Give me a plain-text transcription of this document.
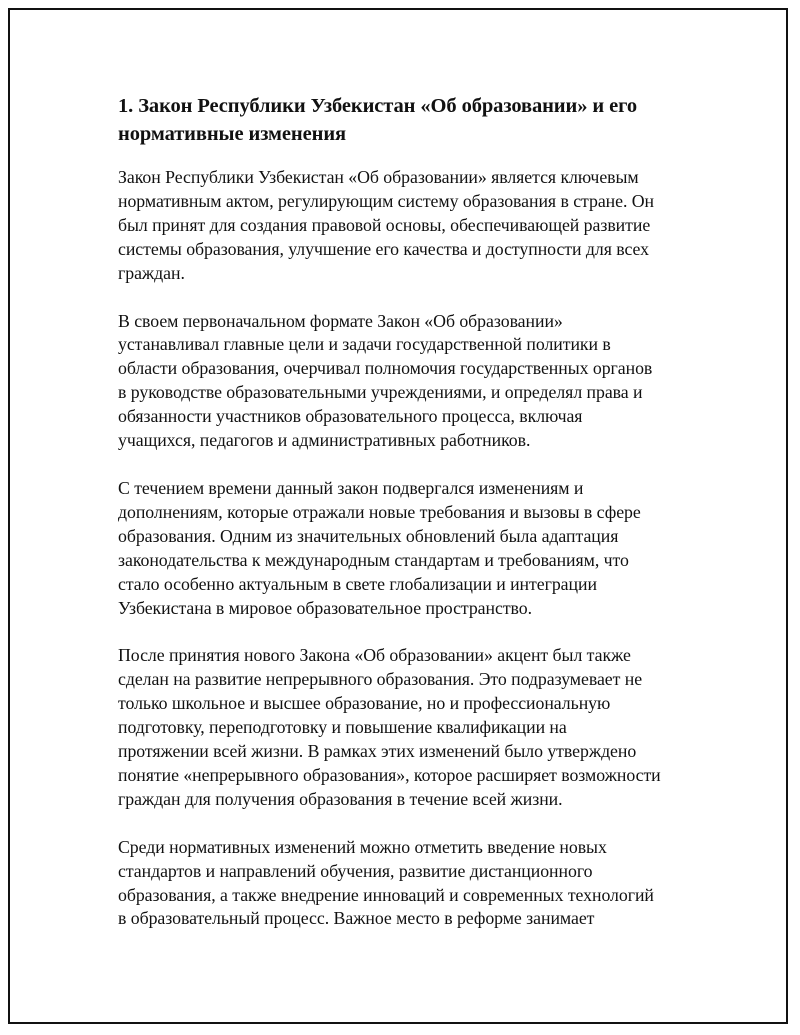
1. Закон Республики Узбекистан «Об образовании» и его
нормативные изменения

Закон Республики Узбекистан «Об образовании» является ключевым
нормативным актом, регулирующим систему образования в стране. Он
был принят для создания правовой основы, обеспечивающей развитие
системы образования, улучшение его качества и доступности для всех
граждан.

В своем первоначальном формате Закон «Об образовании»
устанавливал главные цели и задачи государственной политики в
области образования, очерчивал полномочия государственных органов
в руководстве образовательными учреждениями, и определял права и
обязанности участников образовательного процесса, включая
учащихся, педагогов и административных работников.

С течением времени данный закон подвергался изменениям и
дополнениям, которые отражали новые требования и вызовы в сфере
образования. Одним из значительных обновлений была адаптация
законодательства к международным стандартам и требованиям, что
стало особенно актуальным в свете глобализации и интеграции
Узбекистана в мировое образовательное пространство.

После принятия нового Закона «Об образовании» акцент был также
сделан на развитие непрерывного образования. Это подразумевает не
только школьное и высшее образование, но и профессиональную
подготовку, переподготовку и повышение квалификации на
протяжении всей жизни. В рамках этих изменений было утверждено
понятие «непрерывного образования», которое расширяет возможности
граждан для получения образования в течение всей жизни.

Среди нормативных изменений можно отметить введение новых
стандартов и направлений обучения, развитие дистанционного
образования, а также внедрение инноваций и современных технологий
в образовательный процесс. Важное место в реформе занимает
